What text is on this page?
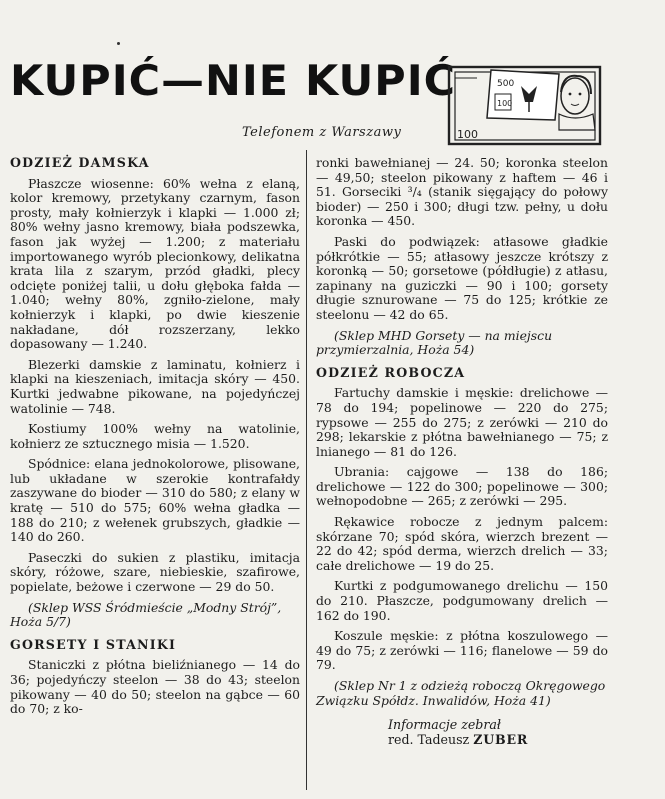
KUPIĆ—NIE KUPIĆ
Telefonem z Warszawy
500
100
100
ODZIEŻ DAMSKA

Płaszcze wiosenne: 60% wełna z elaną, kolor kremowy, przetykany czarnym, fason prosty, mały kołnierzyk i klapki — 1.000 zł; 80% wełny jasno kremowy, biała podszewka, fason jak wyżej — 1.200; z materiału importowanego wyrób plecionkowy, delikatna krata lila z szarym, przód gładki, plecy odcięte poniżej talii, u dołu głęboka fałda — 1.040; wełny 80%, zgniło-zielone, mały kołnierzyk i klapki, po dwie kieszenie nakładane, dół rozszerzany, lekko dopasowany — 1.240.

Blezerki damskie z laminatu, kołnierz i klapki na kieszeniach, imitacja skóry — 450. Kurtki jedwabne pikowane, na pojedyńczej watolinie — 748.

Kostiumy 100% wełny na watolinie, kołnierz ze sztucznego misia — 1.520.

Spódnice: elana jednokolorowe, plisowane, lub układane w szerokie kontrafałdy zaszywane do bioder — 310 do 580; z elany w kratę — 510 do 575; 60% wełna gładka — 188 do 210; z wełenek grubszych, gładkie — 140 do 260.

Paseczki do sukien z plastiku, imitacja skóry, różowe, szare, niebieskie, szafirowe, popielate, beżowe i czerwone — 29 do 50.

(Sklep WSS Śródmieście „Modny Strój”, Hoża 5/7)

GORSETY I STANIKI

Staniczki z płótna bieliźnianego — 14 do 36; pojedyńczy steelon — 38 do 43; steelon pikowany — 40 do 50; steelon na gąbce — 60 do 70; z ko-

ronki bawełnianej — 24. 50; koronka steelon — 49,50; steelon pikowany z haftem — 46 i 51. Gorseciki ³/₄ (stanik sięgający do połowy bioder) — 250 i 300; długi tzw. pełny, u dołu koronka — 450.

Paski do podwiązek: atłasowe gładkie półkrótkie — 55; atłasowy jeszcze krótszy z koronką — 50; gorsetowe (półdługie) z atłasu, zapinany na guziczki — 90 i 100; gorsety długie sznurowane — 75 do 125; krótkie ze steelonu — 42 do 65.

(Sklep MHD Gorsety — na miejscu przymierzalnia, Hoża 54)

ODZIEŻ ROBOCZA

Fartuchy damskie i męskie: drelichowe — 78 do 194; popelinowe — 220 do 275; rypsowe — 255 do 275; z zerówki — 210 do 298; lekarskie z płótna bawełnianego — 75; z lnianego — 81 do 126.

Ubrania: cajgowe — 138 do 186; drelichowe — 122 do 300; popelinowe — 300; wełnopodobne — 265; z zerówki — 295.

Rękawice robocze z jednym palcem: skórzane 70; spód skóra, wierzch brezent — 22 do 42; spód derma, wierzch drelich — 33; całe drelichowe — 19 do 25.

Kurtki z podgumowanego drelichu — 150 do 210. Płaszcze, podgumowany drelich — 162 do 190.

Koszule męskie: z płótna koszulowego — 49 do 75; z zerówki — 116; flanelowe — 59 do 79.

(Sklep Nr 1 z odzieżą roboczą Okręgowego Związku Spółdz. Inwalidów, Hoża 41)

Informacje zebrał
red. Tadeusz ZUBER
